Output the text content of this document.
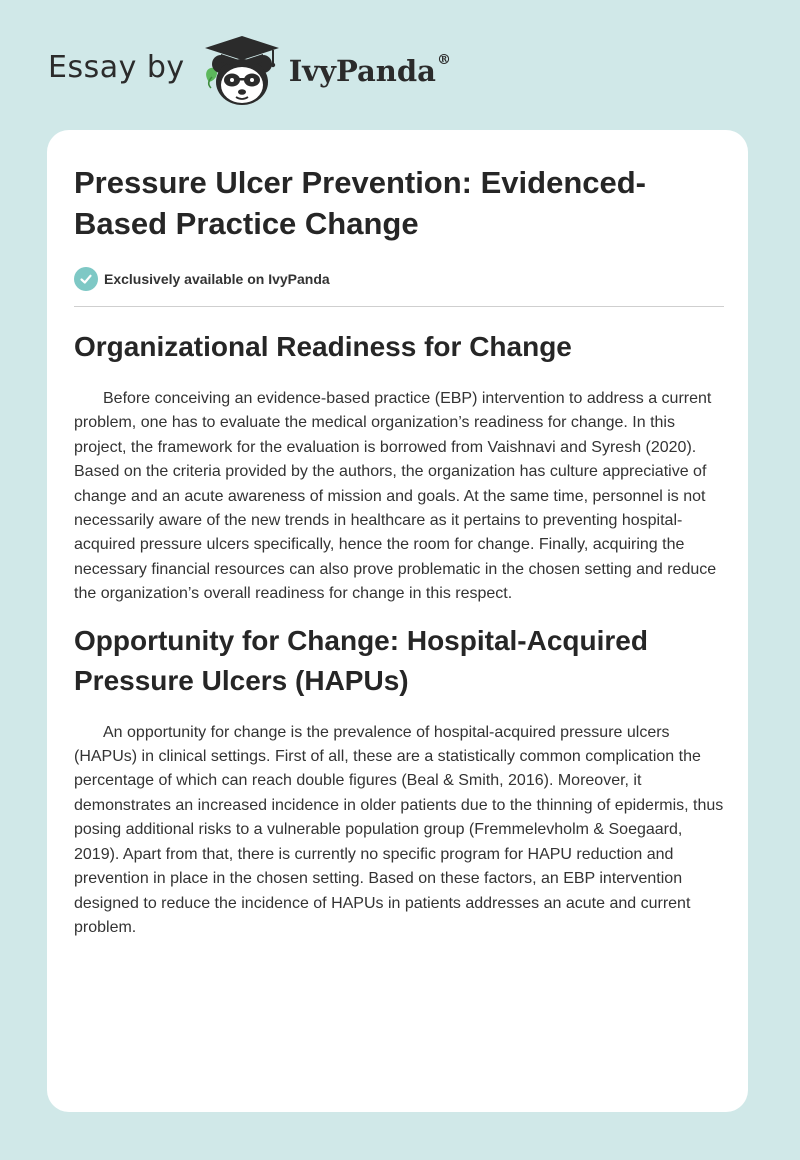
Essay by	IvyPanda®
Pressure Ulcer Prevention: Evidenced-Based Practice Change
Exclusively available on IvyPanda
Organizational Readiness for Change

Before conceiving an evidence-based practice (EBP) intervention to address a current problem, one has to evaluate the medical organization’s readiness for change. In this project, the framework for the evaluation is borrowed from Vaishnavi and Syresh (2020). Based on the criteria provided by the authors, the organization has culture appreciative of change and an acute awareness of mission and goals. At the same time, personnel is not necessarily aware of the new trends in healthcare as it pertains to preventing hospital-acquired pressure ulcers specifically, hence the room for change. Finally, acquiring the necessary financial resources can also prove problematic in the chosen setting and reduce the organization’s overall readiness for change in this respect.

Opportunity for Change: Hospital-Acquired Pressure Ulcers (HAPUs)

An opportunity for change is the prevalence of hospital-acquired pressure ulcers (HAPUs) in clinical settings. First of all, these are a statistically common complication the percentage of which can reach double figures (Beal & Smith, 2016). Moreover, it demonstrates an increased incidence in older patients due to the thinning of epidermis, thus posing additional risks to a vulnerable population group (Fremmelevholm & Soegaard, 2019). Apart from that, there is currently no specific program for HAPU reduction and prevention in place in the chosen setting. Based on these factors, an EBP intervention designed to reduce the incidence of HAPUs in patients addresses an acute and current problem.
